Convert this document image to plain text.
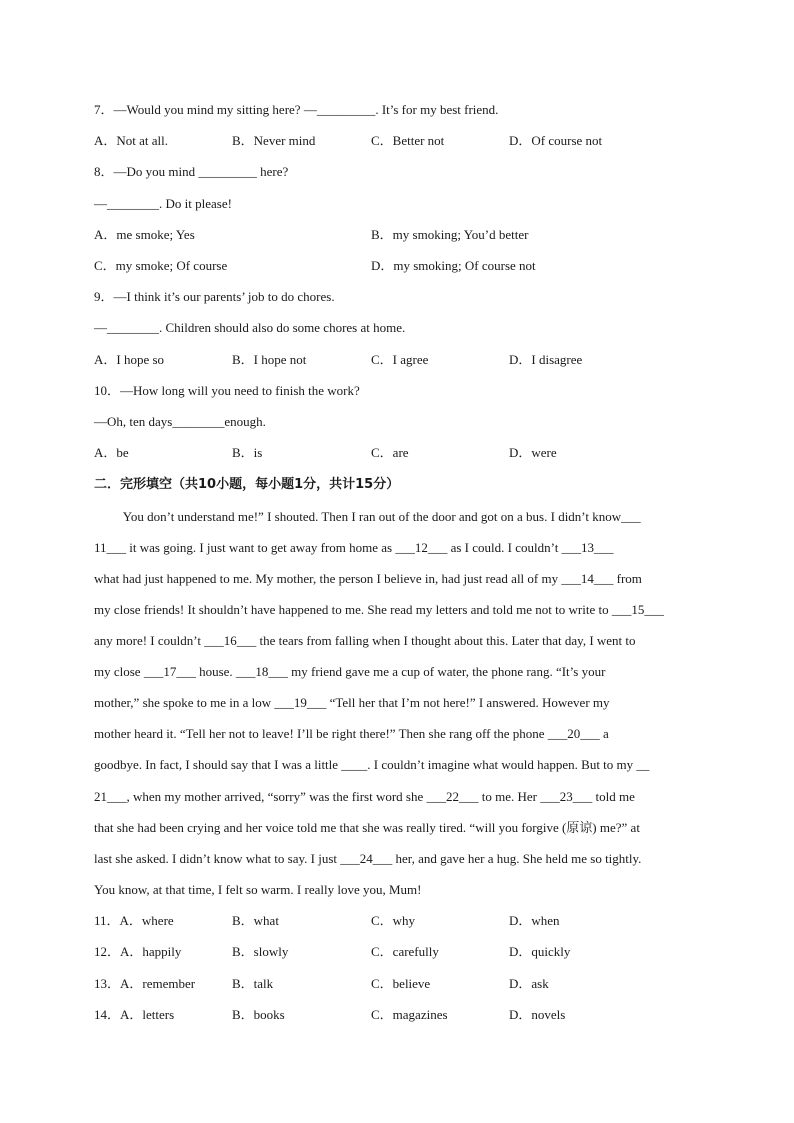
7．—Would you mind my sitting here? —_________. It’s for my best friend.
A．Not at all.	B．Never mind	C．Better not	D．Of course not
8．—Do you mind _________ here?
—________. Do it please!
A．me smoke; Yes	B．my smoking; You’d better
C．my smoke; Of course	D．my smoking; Of course not
9．—I think it’s our parents’ job to do chores.
—________. Children should also do some chores at home.
A．I hope so	B．I hope not	C．I agree	D．I disagree
10．—How long will you need to finish the work?
—Oh, ten days________enough.
A．be	B．is	C．are	D．were
二．完形填空（共10小题，每小题1分，共计15分）
You don’t understand me!” I shouted. Then I ran out of the door and got on a bus. I didn’t know___
11___ it was going. I just want to get away from home as ___12___ as I could. I couldn’t ___13___
what had just happened to me. My mother, the person I believe in, had just read all of my ___14___ from
my close friends! It shouldn’t have happened to me. She read my letters and told me not to write to ___15___
any more! I couldn’t ___16___ the tears from falling when I thought about this. Later that day, I went to
my close ___17___ house. ___18___ my friend gave me a cup of water, the phone rang. “It’s your
mother,” she spoke to me in a low ___19___ “Tell her that I’m not here!” I answered. However my
mother heard it. “Tell her not to leave! I’ll be right there!” Then she rang off the phone ___20___ a
goodbye. In fact, I should say that I was a little ____. I couldn’t imagine what would happen. But to my __
21___, when my mother arrived, “sorry” was the first word she ___22___ to me. Her ___23___ told me
that she had been crying and her voice told me that she was really tired. “will you forgive (原谅) me?” at
last she asked. I didn’t know what to say. I just ___24___ her, and gave her a hug. She held me so tightly.
You know, at that time, I felt so warm. I really love you, Mum!
11．A．where	B．what	C．why	D．when
12．A．happily	B．slowly	C．carefully	D．quickly
13．A．remember	B．talk	C．believe	D．ask
14．A．letters	B．books	C．magazines	D．novels
